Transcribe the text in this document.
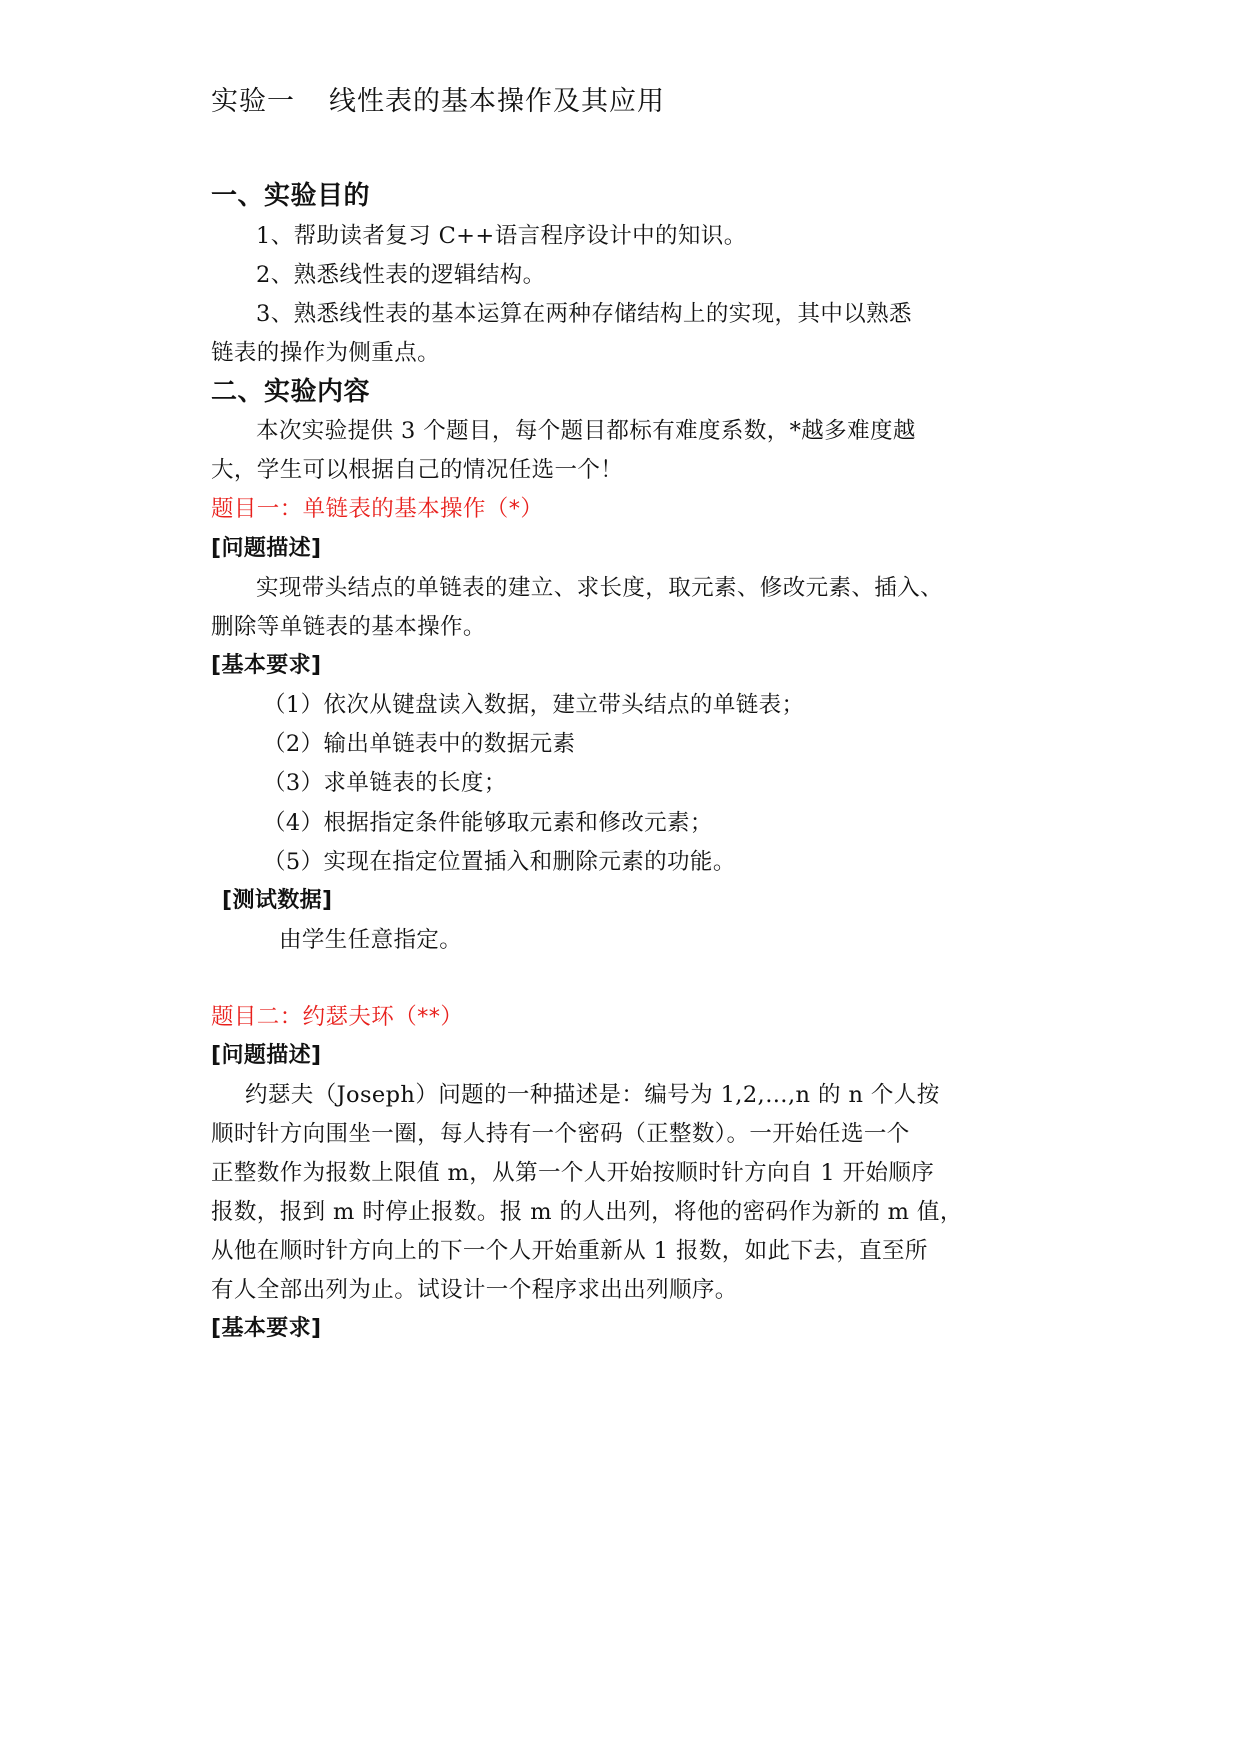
实验一 线性表的基本操作及其应用
一、实验目的
1、帮助读者复习 C++语言程序设计中的知识。
2、熟悉线性表的逻辑结构。
3、熟悉线性表的基本运算在两种存储结构上的实现，其中以熟悉
链表的操作为侧重点。
二、实验内容
本次实验提供 3 个题目，每个题目都标有难度系数，*越多难度越
大，学生可以根据自己的情况任选一个！
题目一：单链表的基本操作（*）
[问题描述]
实现带头结点的单链表的建立、求长度，取元素、修改元素、插入、
删除等单链表的基本操作。
[基本要求]
（1）依次从键盘读入数据，建立带头结点的单链表；
（2）输出单链表中的数据元素
（3）求单链表的长度；
（4）根据指定条件能够取元素和修改元素；
（5）实现在指定位置插入和删除元素的功能。
[测试数据]
由学生任意指定。
题目二：约瑟夫环（**）
[问题描述]
约瑟夫（Joseph）问题的一种描述是：编号为 1,2,…,n 的 n 个人按
顺时针方向围坐一圈，每人持有一个密码（正整数）。一开始任选一个
正整数作为报数上限值 m，从第一个人开始按顺时针方向自 1 开始顺序
报数，报到 m 时停止报数。报 m 的人出列，将他的密码作为新的 m 值，
从他在顺时针方向上的下一个人开始重新从 1 报数，如此下去，直至所
有人全部出列为止。试设计一个程序求出出列顺序。
[基本要求]
